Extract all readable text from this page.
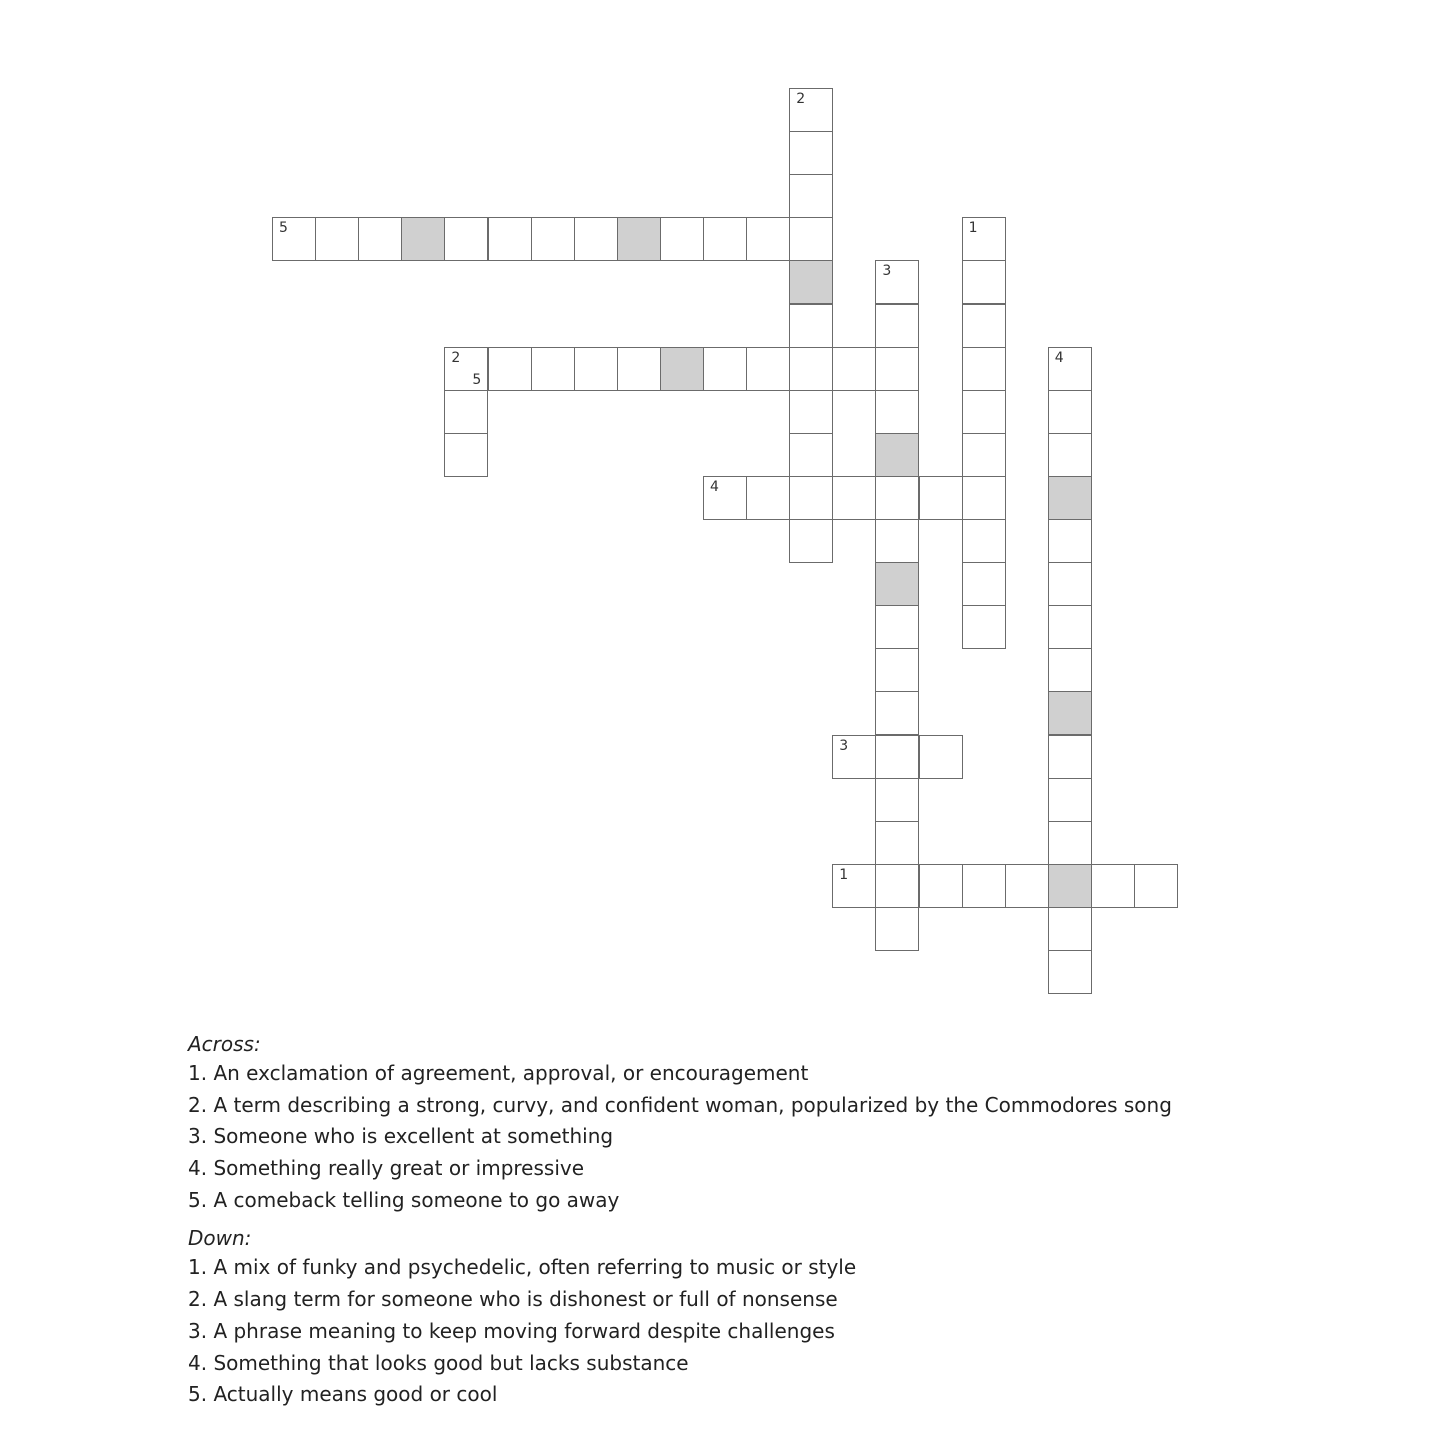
5
2
1
3
2
5
4
4
3
1
Across:
1. An exclamation of agreement, approval, or encouragement
2. A term describing a strong, curvy, and confident woman, popularized by the Commodores song
3. Someone who is excellent at something
4. Something really great or impressive
5. A comeback telling someone to go away
Down:
1. A mix of funky and psychedelic, often referring to music or style
2. A slang term for someone who is dishonest or full of nonsense
3. A phrase meaning to keep moving forward despite challenges
4. Something that looks good but lacks substance
5. Actually means good or cool
